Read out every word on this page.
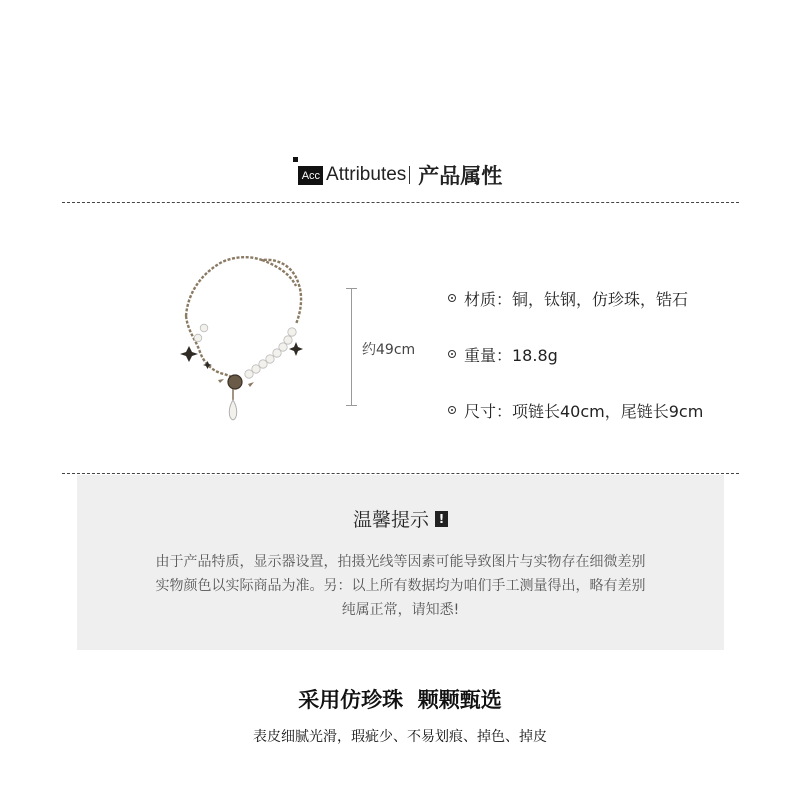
Acc Attributes 产品属性
约49cm
材质：铜，钛钢，仿珍珠，锆石
重量：18.8g
尺寸：项链长40cm，尾链长9cm
温馨提示 !
由于产品特质，显示器设置，拍摄光线等因素可能导致图片与实物存在细微差别
实物颜色以实际商品为准。另：以上所有数据均为咱们手工测量得出，略有差别
纯属正常，请知悉!
采用仿珍珠  颗颗甄选
表皮细腻光滑，瑕疵少、不易划痕、掉色、掉皮
